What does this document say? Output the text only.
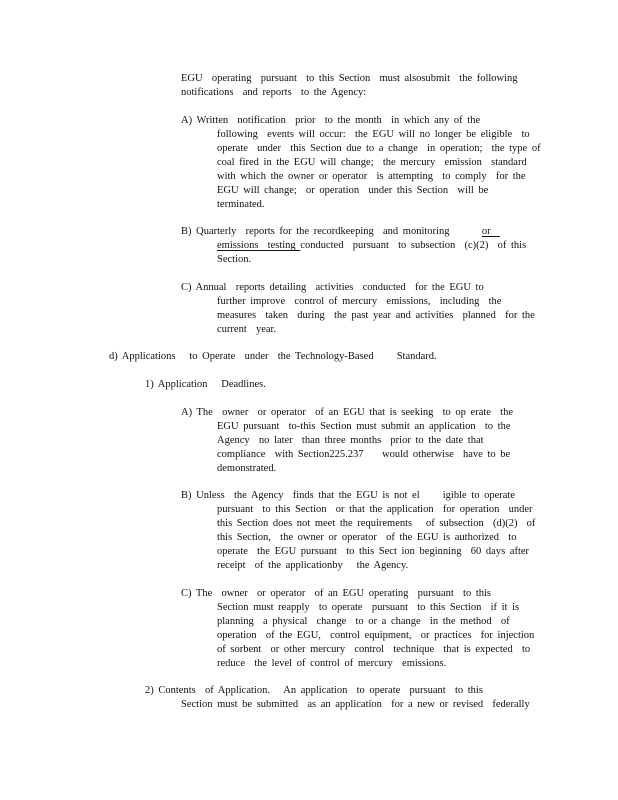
EGU  operating  pursuant  to this Section  must alsosubmit  the following
notifications  and reports  to the Agency:
A) Written  notification  prior  to the month  in which any of the
following  events will occur:  the EGU will no longer be eligible  to
operate  under  this Section due to a change  in operation;  the type of
coal fired in the EGU will change;  the mercury  emission  standard
with which the owner or operator  is attempting  to comply  for the
EGU will change;  or operation  under this Section  will be
terminated.
B) Quarterly  reports for the recordkeeping  and monitoring       or
emissions  testing conducted  pursuant  to subsection  (c)(2)  of this
Section.
C) Annual  reports detailing  activities  conducted  for the EGU to
further improve  control of mercury  emissions,  including  the
measures  taken  during  the past year and activities  planned  for the
current  year.
d) Applications   to Operate  under  the Technology-Based     Standard.
1) Application   Deadlines.
A) The  owner  or operator  of an EGU that is seeking  to op erate  the
EGU pursuant  to-this Section must submit an application  to the
Agency  no later  than three months  prior to the date that
compliance  with Section225.237    would otherwise  have to be
demonstrated.
B) Unless  the Agency  finds that the EGU is not el     igible to operate
pursuant  to this Section  or that the application  for operation  under
this Section does not meet the requirements   of subsection  (d)(2)  of
this Section,  the owner or operator  of the EGU is authorized  to
operate  the EGU pursuant  to this Sect ion beginning  60 days after
receipt  of the applicationby   the Agency.
C) The  owner  or operator  of an EGU operating  pursuant  to this
Section must reapply  to operate  pursuant  to this Section  if it is
planning  a physical  change  to or a change  in the method  of
operation  of the EGU,  control equipment,  or practices  for injection
of sorbent  or other mercury  control  technique  that is expected  to
reduce  the level of control of mercury  emissions.
2) Contents  of Application.   An application  to operate  pursuant  to this
Section must be submitted  as an application  for a new or revised  federally
